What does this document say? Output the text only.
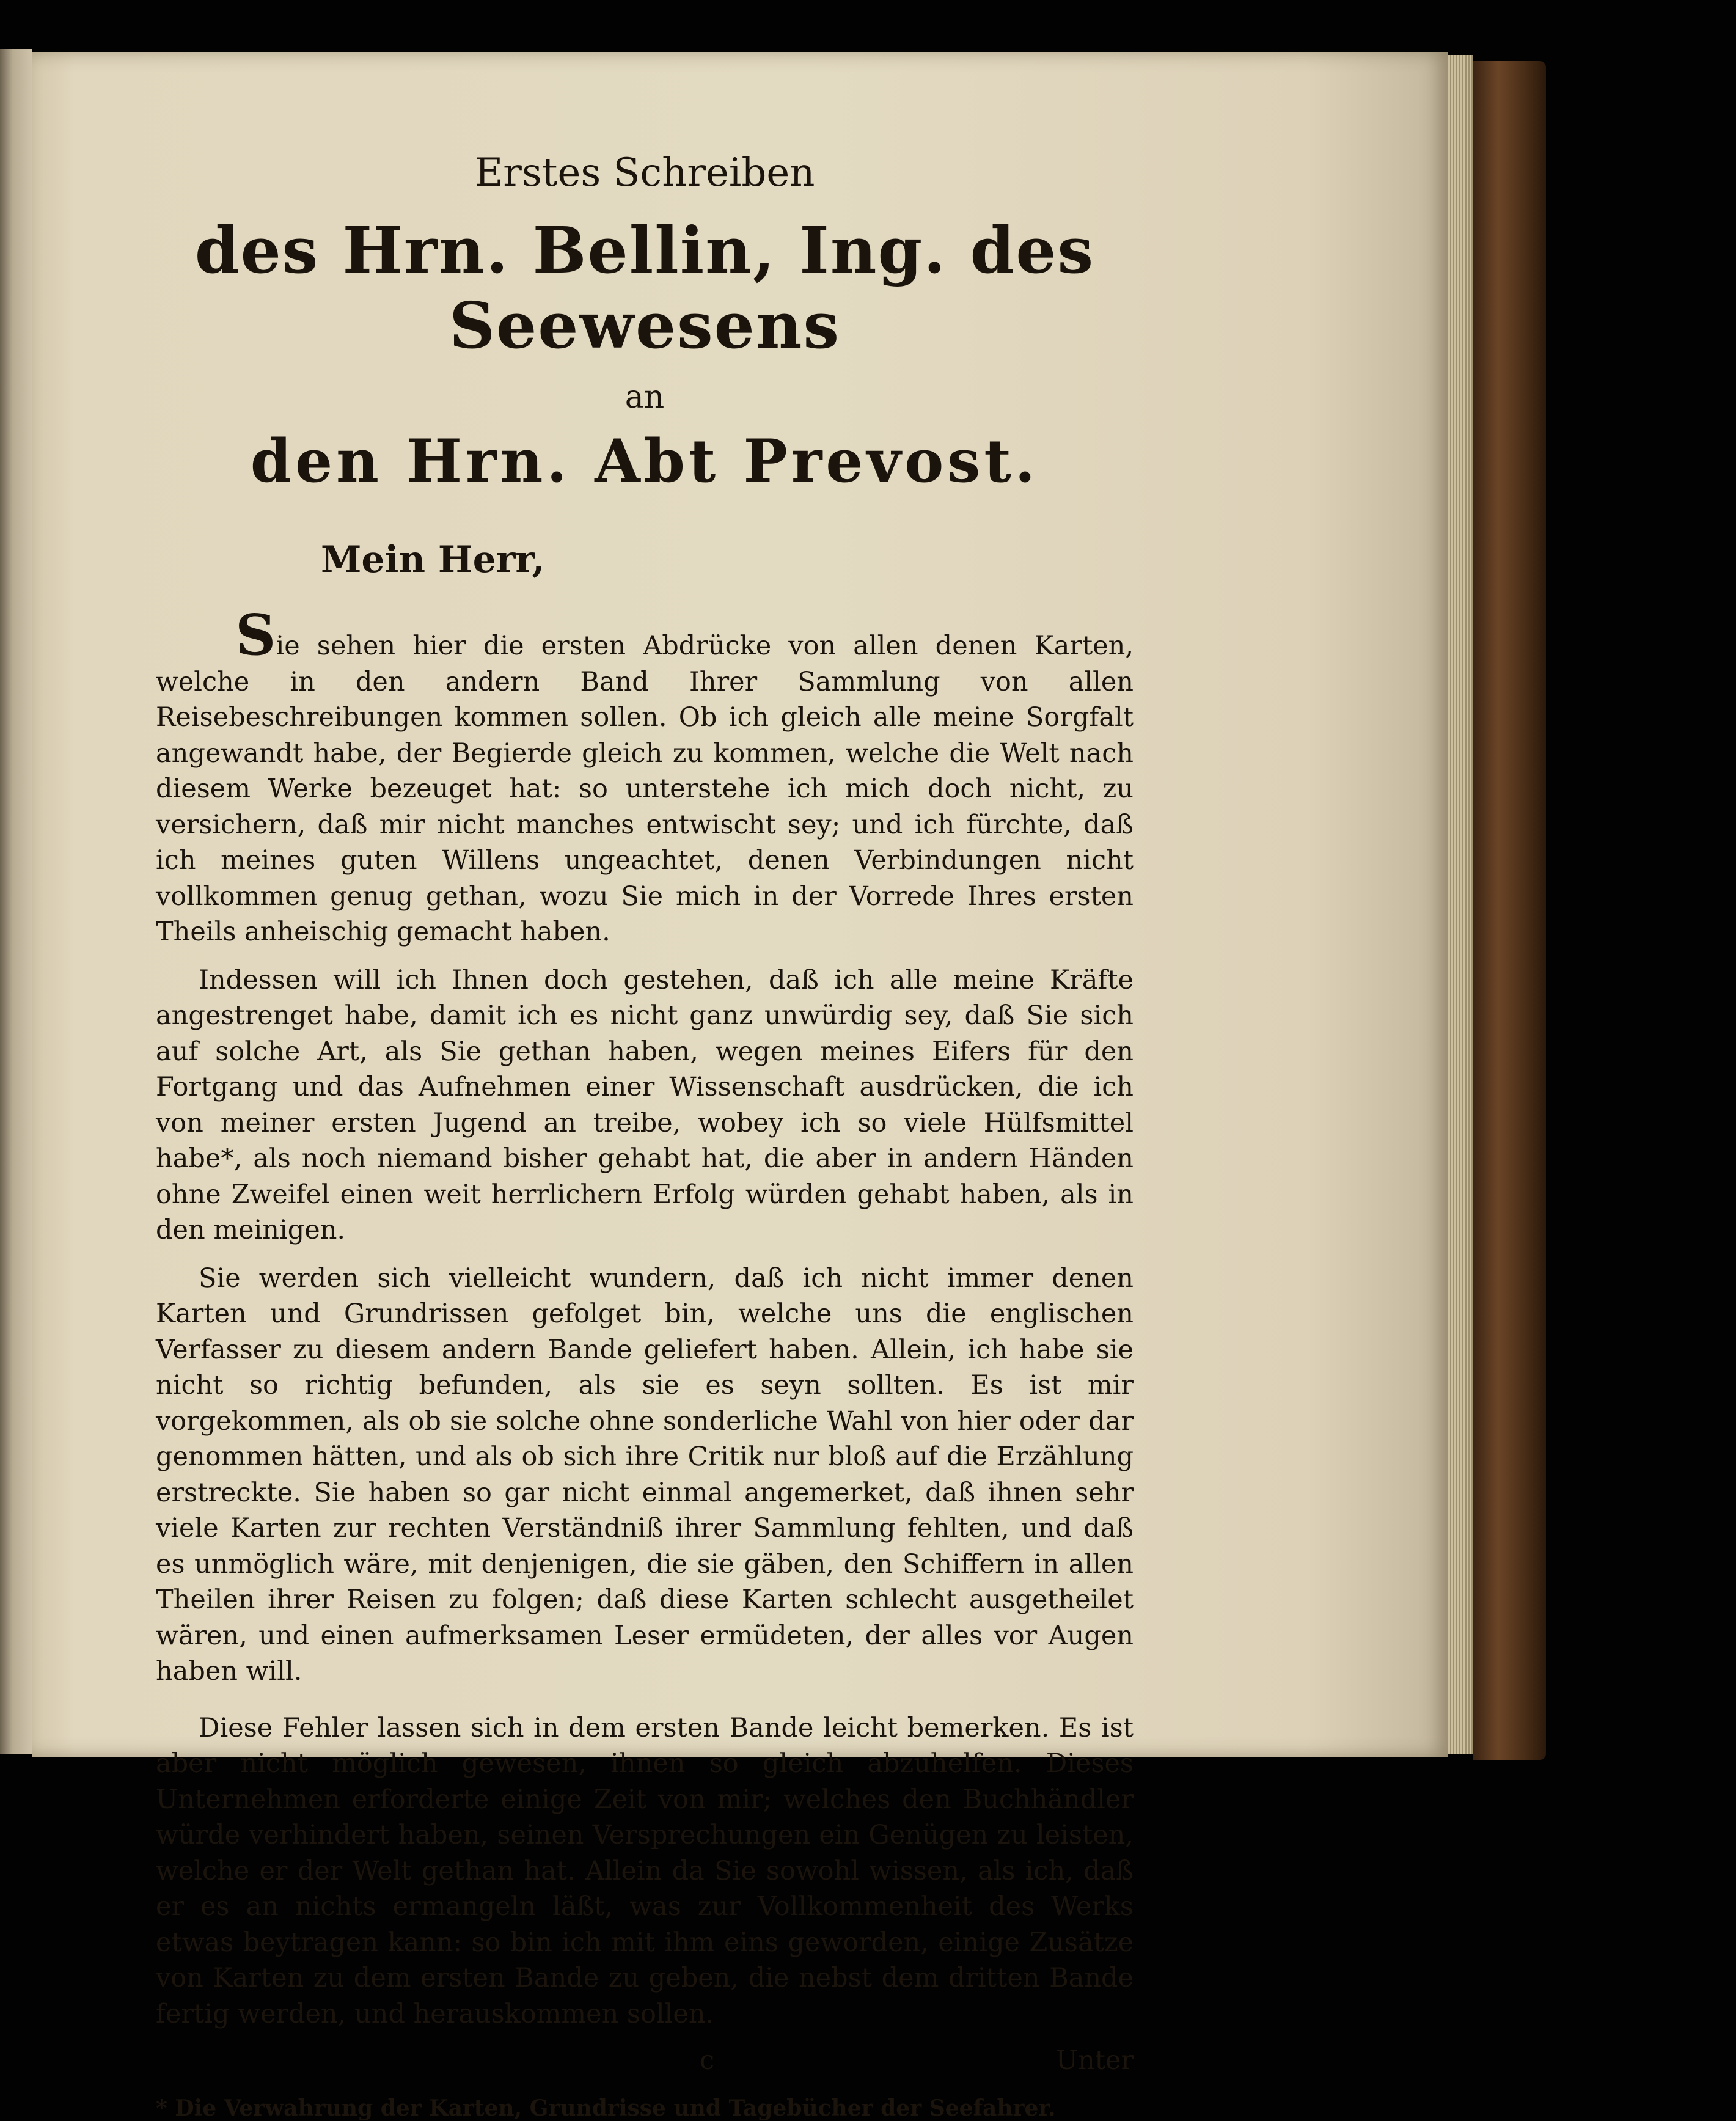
Erstes Schreiben

des Hrn. Bellin, Ing. des Seewesens

an

den Hrn. Abt Prevost.

Mein Herr,

Sie sehen hier die ersten Abdrücke von allen denen Karten, welche in den andern Band Ihrer Sammlung von allen Reisebeschreibungen kommen sollen. Ob ich gleich alle meine Sorgfalt angewandt habe, der Begierde gleich zu kommen, welche die Welt nach diesem Werke bezeuget hat: so unterstehe ich mich doch nicht, zu versichern, daß mir nicht manches entwischt sey; und ich fürchte, daß ich meines guten Willens ungeachtet, denen Verbindungen nicht vollkommen genug gethan, wozu Sie mich in der Vorrede Ihres ersten Theils anheischig gemacht haben.

Indessen will ich Ihnen doch gestehen, daß ich alle meine Kräfte angestrenget habe, damit ich es nicht ganz unwürdig sey, daß Sie sich auf solche Art, als Sie gethan haben, wegen meines Eifers für den Fortgang und das Aufnehmen einer Wissenschaft ausdrücken, die ich von meiner ersten Jugend an treibe, wobey ich so viele Hülfsmittel habe*, als noch niemand bisher gehabt hat, die aber in andern Händen ohne Zweifel einen weit herrlichern Erfolg würden gehabt haben, als in den meinigen.

Sie werden sich vielleicht wundern, daß ich nicht immer denen Karten und Grundrissen gefolget bin, welche uns die englischen Verfasser zu diesem andern Bande geliefert haben. Allein, ich habe sie nicht so richtig befunden, als sie es seyn sollten. Es ist mir vorgekommen, als ob sie solche ohne sonderliche Wahl von hier oder dar genommen hätten, und als ob sich ihre Critik nur bloß auf die Erzählung erstreckte. Sie haben so gar nicht einmal angemerket, daß ihnen sehr viele Karten zur rechten Verständniß ihrer Sammlung fehlten, und daß es unmöglich wäre, mit denjenigen, die sie gäben, den Schiffern in allen Theilen ihrer Reisen zu folgen; daß diese Karten schlecht ausgetheilet wären, und einen aufmerksamen Leser ermüdeten, der alles vor Augen haben will.

Diese Fehler lassen sich in dem ersten Bande leicht bemerken. Es ist aber nicht möglich gewesen, ihnen so gleich abzuhelfen. Dieses Unternehmen erforderte einige Zeit von mir; welches den Buchhändler würde verhindert haben, seinen Versprechungen ein Genügen zu leisten, welche er der Welt gethan hat. Allein da Sie sowohl wissen, als ich, daß er es an nichts ermangeln läßt, was zur Vollkommenheit des Werks etwas beytragen kann: so bin ich mit ihm eins geworden, einige Zusätze von Karten zu dem ersten Bande zu geben, die nebst dem dritten Bande fertig werden, und herauskommen sollen.

c	Unter
* Die Verwahrung der Karten, Grundrisse und Tagebücher der Seefahrer.
